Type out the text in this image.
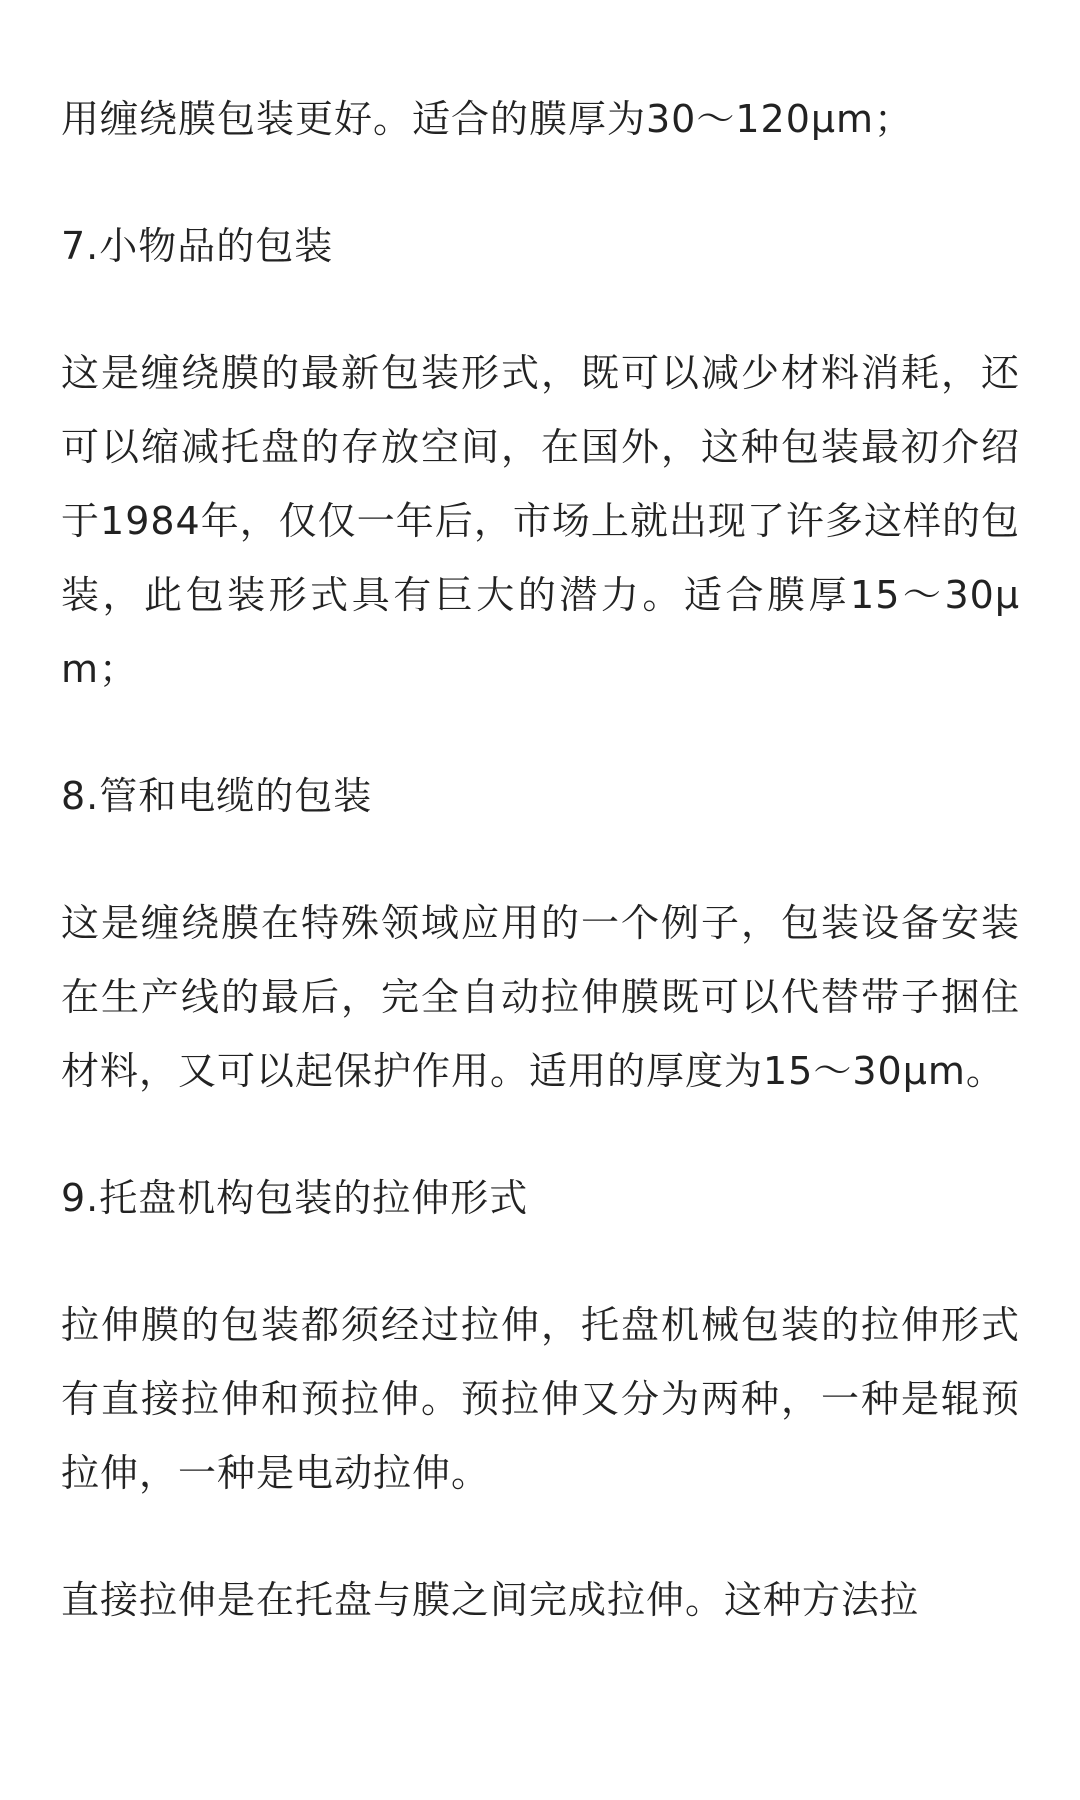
用缠绕膜包装更好。适合的膜厚为30～120μm；

7.小物品的包装

这是缠绕膜的最新包装形式，既可以减少材料消耗，还可以缩减托盘的存放空间，在国外，这种包装最初介绍于1984年，仅仅一年后，市场上就出现了许多这样的包装，此包装形式具有巨大的潜力。适合膜厚15～30μm；

8.管和电缆的包装

这是缠绕膜在特殊领域应用的一个例子，包装设备安装在生产线的最后，完全自动拉伸膜既可以代替带子捆住材料，又可以起保护作用。适用的厚度为15～30μm。

9.托盘机构包装的拉伸形式

拉伸膜的包装都须经过拉伸，托盘机械包装的拉伸形式有直接拉伸和预拉伸。预拉伸又分为两种，一种是辊预拉伸，一种是电动拉伸。

直接拉伸是在托盘与膜之间完成拉伸。这种方法拉
